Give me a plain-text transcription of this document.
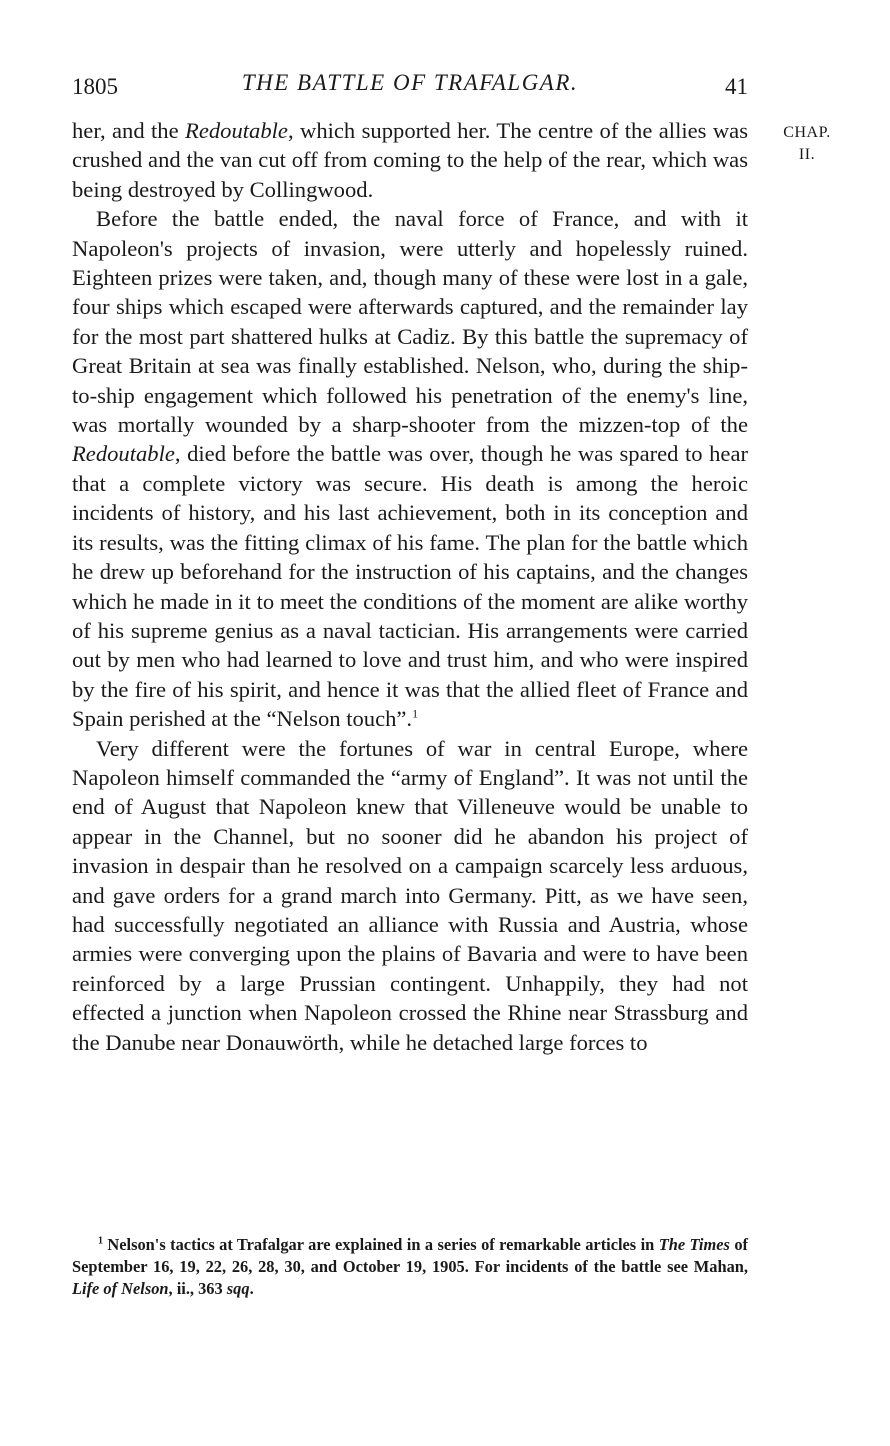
1805	THE BATTLE OF TRAFALGAR.	41
CHAP.
II.

her, and the Redoutable, which supported her. The centre of the allies was crushed and the van cut off from coming to the help of the rear, which was being destroyed by Collingwood.

Before the battle ended, the naval force of France, and with it Napoleon's projects of invasion, were utterly and hopelessly ruined. Eighteen prizes were taken, and, though many of these were lost in a gale, four ships which escaped were afterwards captured, and the remainder lay for the most part shattered hulks at Cadiz. By this battle the supremacy of Great Britain at sea was finally established. Nelson, who, during the ship-to-ship engagement which followed his penetration of the enemy's line, was mortally wounded by a sharp-shooter from the mizzen-top of the Redoutable, died before the battle was over, though he was spared to hear that a complete victory was secure. His death is among the heroic incidents of history, and his last achievement, both in its conception and its results, was the fitting climax of his fame. The plan for the battle which he drew up beforehand for the instruction of his captains, and the changes which he made in it to meet the conditions of the moment are alike worthy of his supreme genius as a naval tactician. His arrangements were carried out by men who had learned to love and trust him, and who were inspired by the fire of his spirit, and hence it was that the allied fleet of France and Spain perished at the “Nelson touch”.$^1$

Very different were the fortunes of war in central Europe, where Napoleon himself commanded the “army of England”. It was not until the end of August that Napoleon knew that Villeneuve would be unable to appear in the Channel, but no sooner did he abandon his project of invasion in despair than he resolved on a campaign scarcely less arduous, and gave orders for a grand march into Germany. Pitt, as we have seen, had successfully negotiated an alliance with Russia and Austria, whose armies were converging upon the plains of Bavaria and were to have been reinforced by a large Prussian contingent. Unhappily, they had not effected a junction when Napoleon crossed the Rhine near Strassburg and the Danube near Donauwörth, while he detached large forces to

$^1$ Nelson's tactics at Trafalgar are explained in a series of remarkable articles in The Times of September 16, 19, 22, 26, 28, 30, and October 19, 1905. For incidents of the battle see Mahan, Life of Nelson, ii., 363 sqq.
